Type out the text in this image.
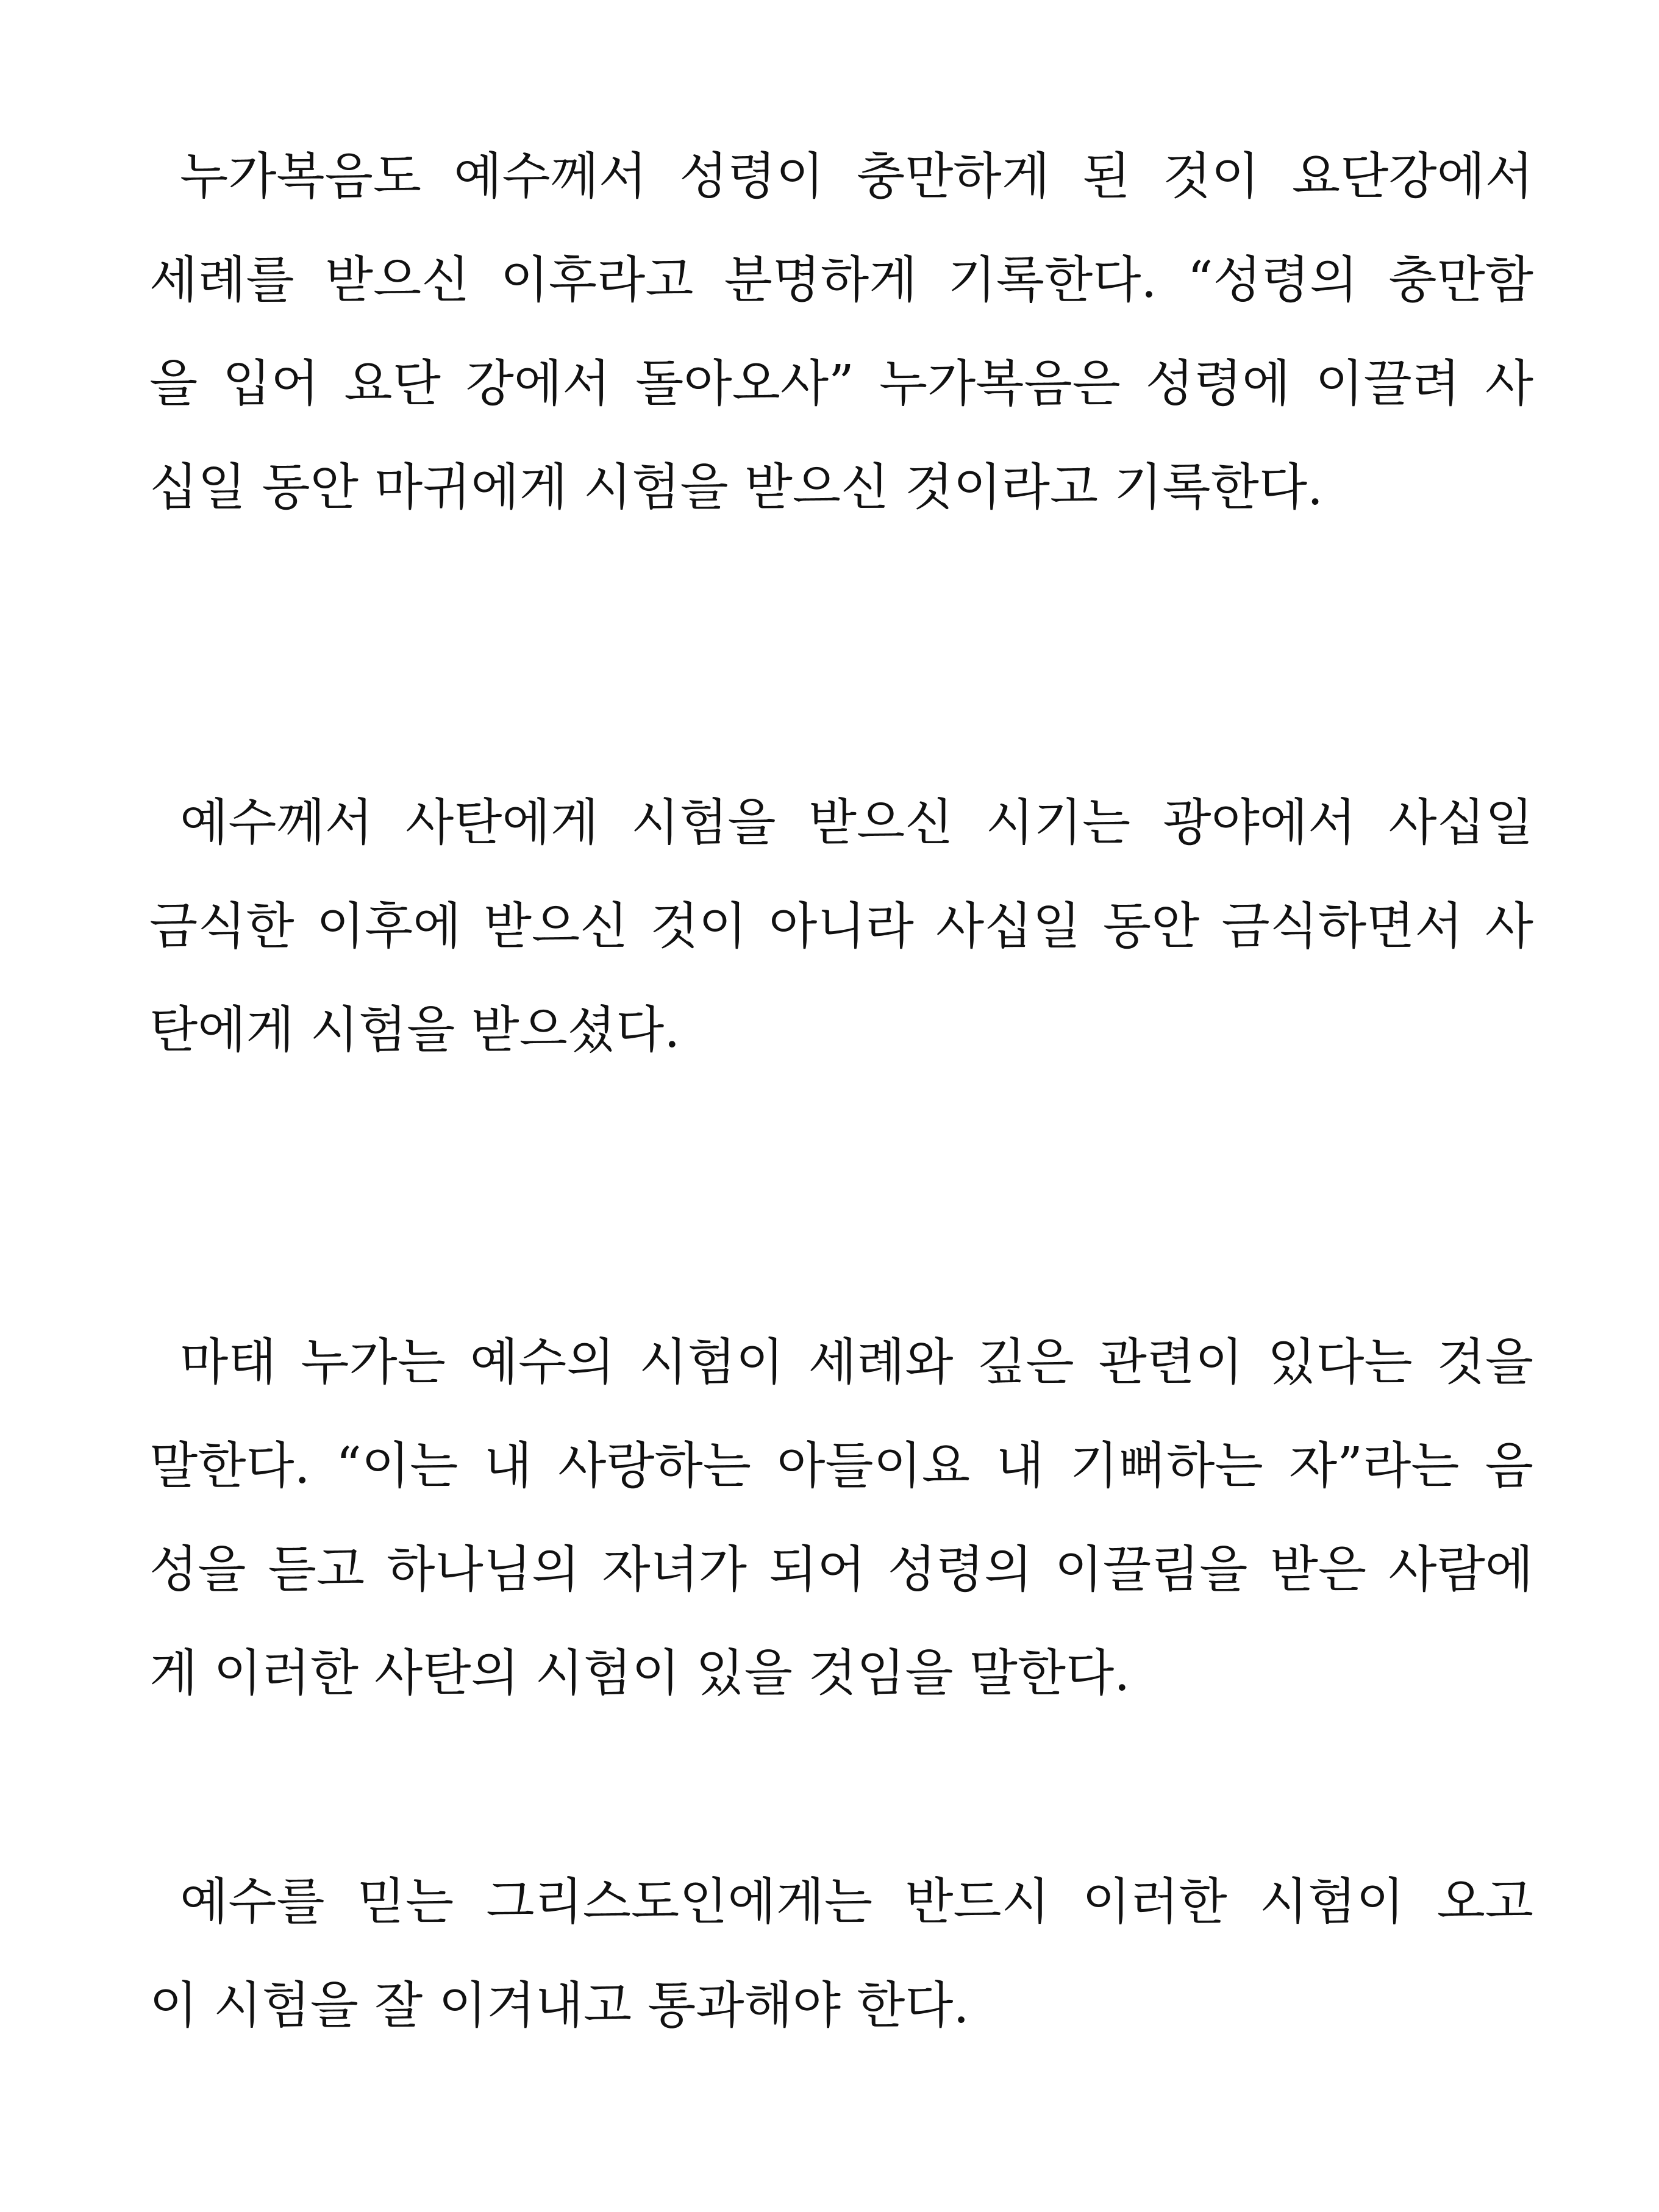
누가복음도 예수께서 성령이 충만하게 된 것이 요단강에서
세례를 받으신 이후라고 분명하게 기록한다. “성령의 충만함
을 입어 요단 강에서 돌아오사” 누가복음은 성령에 이끌려 사
십일 동안 마귀에게 시험을 받으신 것이라고 기록한다.
예수께서 사탄에게 시험을 받으신 시기는 광야에서 사십일
금식한 이후에 받으신 것이 아니라 사십일 동안 금식하면서 사
탄에게 시험을 받으셨다.
마태 누가는 예수의 시험이 세례와 깊은 관련이 있다는 것을
말한다. “이는 내 사랑하는 아들이요 내 기뻐하는 자”라는 음
성을 듣고 하나님의 자녀가 되어 성령의 이끌림을 받은 사람에
게 이러한 사탄의 시험이 있을 것임을 말한다.
예수를 믿는 그리스도인에게는 반드시 이러한 시험이 오고
이 시험을 잘 이겨내고 통과해야 한다.
